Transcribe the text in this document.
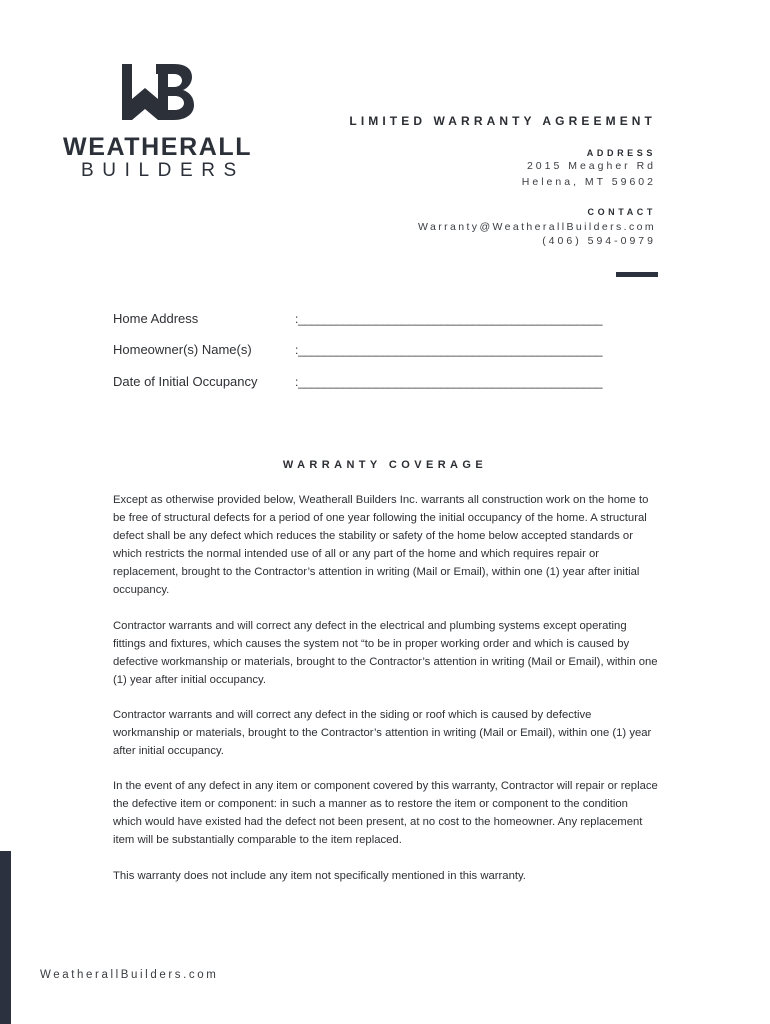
WEATHERALL
BUILDERS
LIMITED WARRANTY AGREEMENT
ADDRESS
2015 Meagher Rd
Helena, MT 59602
CONTACT
Warranty@WeatherallBuilders.com
(406) 594-0979
Home Address	:_______________________________________________
Homeowner(s) Name(s)	:_______________________________________________
Date of Initial Occupancy	:_______________________________________________
WARRANTY COVERAGE

Except as otherwise provided below, Weatherall Builders Inc. warrants all construction work on the home to be free of structural defects for a period of one year following the initial occupancy of the home. A structural defect shall be any defect which reduces the stability or safety of the home below accepted standards or which restricts the normal intended use of all or any part of the home and which requires repair or replacement, brought to the Contractor’s attention in writing (Mail or Email), within one (1) year after initial occupancy.

Contractor warrants and will correct any defect in the electrical and plumbing systems except operating fittings and fixtures, which causes the system not “to be in proper working order and which is caused by defective workmanship or materials, brought to the Contractor’s attention in writing (Mail or Email), within one (1) year after initial occupancy.

Contractor warrants and will correct any defect in the siding or roof which is caused by defective workmanship or materials, brought to the Contractor’s attention in writing (Mail or Email), within one (1) year after initial occupancy.

In the event of any defect in any item or component covered by this warranty, Contractor will repair or replace the defective item or component: in such a manner as to restore the item or component to the condition which would have existed had the defect not been present, at no cost to the homeowner. Any replacement item will be substantially comparable to the item replaced.

This warranty does not include any item not specifically mentioned in this warranty.

WeatherallBuilders.com
